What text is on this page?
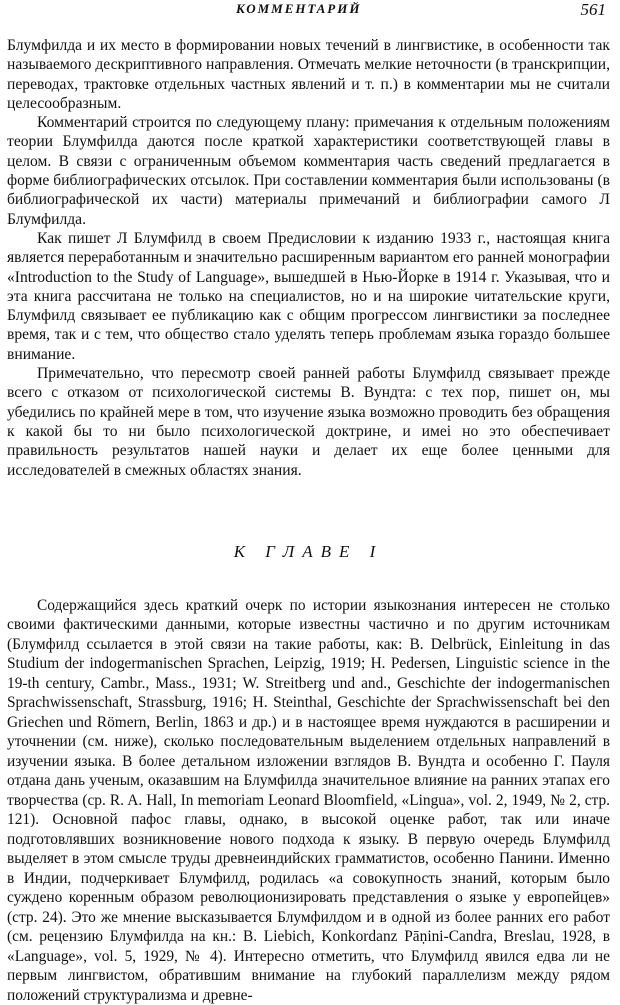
КОММЕНТАРИЙ	561

Блумфилда и их место в формировании новых течений в лингвистике, в особенности так называемого дескриптивного направления. Отмечать мелкие неточности (в транскрипции, переводах, трактовке отдельных частных явлений и т. п.) в комментарии мы не считали целесообразным.

Комментарий строится по следующему плану: примечания к отдельным положениям теории Блумфилда даются после краткой характеристики соответствующей главы в целом. В связи с ограниченным объемом комментария часть сведений предлагается в форме библиографических отсылок. При составлении комментария были использованы (в библиографической их части) материалы примечаний и библиографии самого Л Блумфилда.

Как пишет Л Блумфилд в своем Предисловии к изданию 1933 г., настоящая книга является переработанным и значительно расширенным вариантом его ранней монографии «Introduction to the Study of Language», вышедшей в Нью-Йорке в 1914 г. Указывая, что и эта книга рассчитана не только на специалистов, но и на широкие читательские круги, Блумфилд связывает ее публикацию как с общим прогрессом лингвистики за последнее время, так и с тем, что общество стало уделять теперь проблемам языка гораздо большее внимание.

Примечательно, что пересмотр своей ранней работы Блумфилд связывает прежде всего с отказом от психологической системы В. Вундта: с тех пор, пишет он, мы убедились по крайней мере в том, что изучение языка возможно проводить без обращения к какой бы то ни было психологической доктрине, и имеі но это обеспечивает правильность результатов нашей науки и делает их еще более ценными для исследователей в смежных областях знания.

К ГЛАВЕ I

Содержащийся здесь краткий очерк по истории языкознания интересен не столько своими фактическими данными, которые известны частично и по другим источникам (Блумфилд ссылается в этой связи на такие работы, как: B. Delbrück, Einleitung in das Studium der indogermanischen Sprachen, Leipzig, 1919; H. Pedersen, Linguistic science in the 19-th century, Cambr., Mass., 1931; W. Streitberg und and., Geschichte der indogermanischen Sprachwissenschaft, Strassburg, 1916; H. Steinthal, Geschichte der Sprachwissenschaft bei den Griechen und Römern, Berlin, 1863 и др.) и в настоящее время нуждаются в расширении и уточнении (см. ниже), сколько последовательным выделением отдельных направлений в изучении языка. В более детальном изложении взглядов В. Вундта и особенно Г. Пауля отдана дань ученым, оказавшим на Блумфилда значительное влияние на ранних этапах его творчества (ср. R. A. Hall, In memoriam Leonard Bloomfield, «Lingua», vol. 2, 1949, № 2, стр. 121). Основной пафос главы, однако, в высокой оценке работ, так или иначе подготовлявших возникновение нового подхода к языку. В первую очередь Блумфилд выделяет в этом смысле труды древнеиндийских грамматистов, особенно Панини. Именно в Индии, подчеркивает Блумфилд, родилась «а совокупность знаний, которым было суждено коренным образом революционизировать представления о языке у европейцев» (стр. 24). Это же мнение высказывается Блумфилдом и в одной из более ранних его работ (см. рецензию Блумфилда на кн.: B. Liebich, Konkordanz Pāṇini-Candra, Breslau, 1928, в «Language», vol. 5, 1929, № 4). Интересно отметить, что Блумфилд явился едва ли не первым лингвистом, обратившим внимание на глубокий параллелизм между рядом положений структурализма и древне-
